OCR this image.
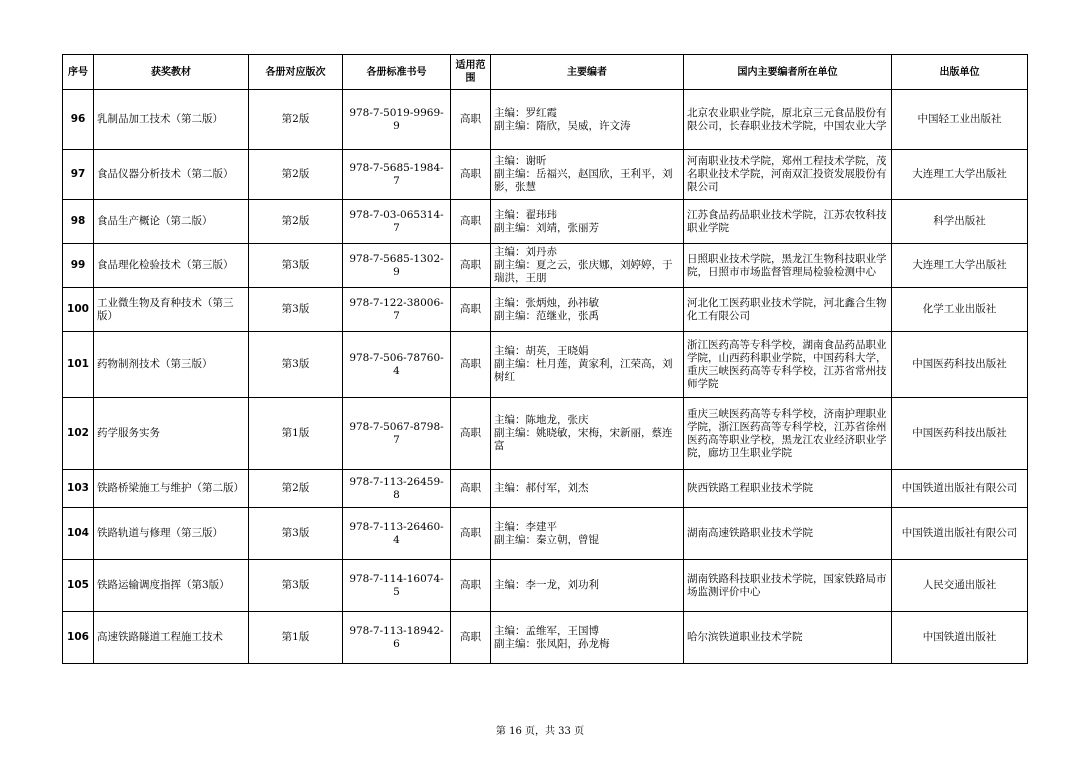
序号	获奖教材	各册对应版次	各册标准书号	适用范围	主要编者	国内主要编者所在单位	出版单位
96	乳制品加工技术（第二版）	第2版	978-7-5019-9969-9	高职	主编：罗红霞
副主编：隋欣，吴威，许文涛	北京农业职业学院，原北京三元食品股份有限公司，长春职业技术学院，中国农业大学	中国轻工业出版社
97	食品仪器分析技术（第二版）	第2版	978-7-5685-1984-7	高职	主编：谢昕
副主编：岳福兴，赵国欣，王利平，刘影，张慧	河南职业技术学院，郑州工程技术学院，茂名职业技术学院，河南双汇投资发展股份有限公司	大连理工大学出版社
98	食品生产概论（第二版）	第2版	978-7-03-065314-7	高职	主编：翟玮玮
副主编：刘靖，张丽芳	江苏食品药品职业技术学院，江苏农牧科技职业学院	科学出版社
99	食品理化检验技术（第三版）	第3版	978-7-5685-1302-9	高职	主编：刘丹赤
副主编：夏之云，张庆娜，刘婷婷，于瑞洪，王朋	日照职业技术学院，黑龙江生物科技职业学院，日照市市场监督管理局检验检测中心	大连理工大学出版社
100	工业微生物及育种技术（第三版）	第3版	978-7-122-38006-7	高职	主编：张炳烛，孙祎敏
副主编：范继业，张禹	河北化工医药职业技术学院，河北鑫合生物化工有限公司	化学工业出版社
101	药物制剂技术（第三版）	第3版	978-7-506-78760-4	高职	主编：胡英，王晓娟
副主编：杜月莲，黄家利，江荣高，刘树红	浙江医药高等专科学校，湖南食品药品职业学院，山西药科职业学院，中国药科大学，重庆三峡医药高等专科学校，江苏省常州技师学院	中国医药科技出版社
102	药学服务实务	第1版	978-7-5067-8798-7	高职	主编：陈地龙，张庆
副主编：姚晓敏，宋梅，宋新丽，蔡连富	重庆三峡医药高等专科学校，济南护理职业学院，浙江医药高等专科学校，江苏省徐州医药高等职业学校，黑龙江农业经济职业学院，廊坊卫生职业学院	中国医药科技出版社
103	铁路桥梁施工与维护（第二版）	第2版	978-7-113-26459-8	高职	主编：郝付军，刘杰	陕西铁路工程职业技术学院	中国铁道出版社有限公司
104	铁路轨道与修理（第三版）	第3版	978-7-113-26460-4	高职	主编：李建平
副主编：秦立朝，曾锟	湖南高速铁路职业技术学院	中国铁道出版社有限公司
105	铁路运输调度指挥（第3版）	第3版	978-7-114-16074-5	高职	主编：李一龙，刘功利	湖南铁路科技职业技术学院，国家铁路局市场监测评价中心	人民交通出版社
106	高速铁路隧道工程施工技术	第1版	978-7-113-18942-6	高职	主编：孟维军，王国博
副主编：张凤阳，孙龙梅	哈尔滨铁道职业技术学院	中国铁道出版社
第 16 页，共 33 页
